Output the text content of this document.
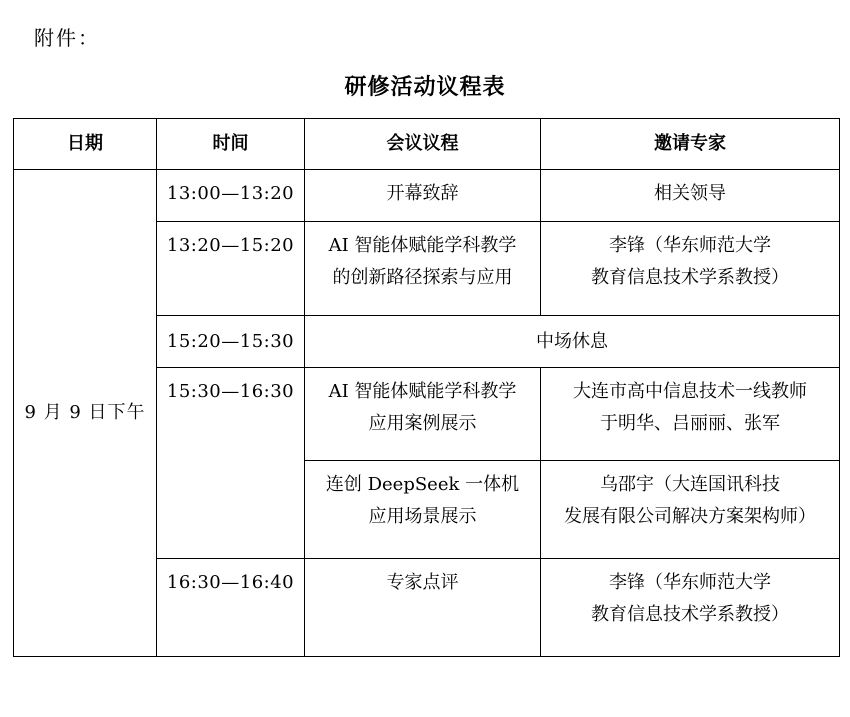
附件：
研修活动议程表
日期	时间	会议议程	邀请专家
9 月 9 日下午	13:00—13:20	开幕致辞	相关领导

	13:20—15:20	AI 智能体赋能学科教学
的创新路径探索与应用	李锋（华东师范大学
教育信息技术学系教授）

	15:20—15:30	中场休息	
	15:30—16:30	AI 智能体赋能学科教学
应用案例展示	大连市高中信息技术一线教师
于明华、吕丽丽、张军

		连创 DeepSeek 一体机
应用场景展示	乌邵宇（大连国讯科技
发展有限公司解决方案架构师）

	16:30—16:40	专家点评	李锋（华东师范大学
教育信息技术学系教授）
